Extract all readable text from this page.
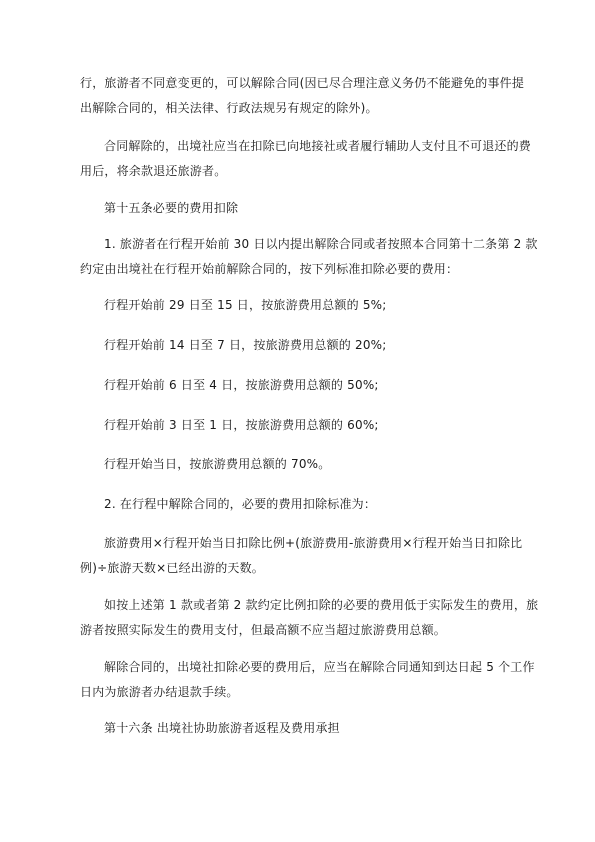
行，旅游者不同意变更的，可以解除合同(因已尽合理注意义务仍不能避免的事件提
出解除合同的，相关法律、行政法规另有规定的除外)。

合同解除的，出境社应当在扣除已向地接社或者履行辅助人支付且不可退还的费
用后，将余款退还旅游者。

第十五条必要的费用扣除

1. 旅游者在行程开始前 30 日以内提出解除合同或者按照本合同第十二条第 2 款
约定由出境社在行程开始前解除合同的，按下列标准扣除必要的费用：

行程开始前 29 日至 15 日，按旅游费用总额的 5%;

行程开始前 14 日至 7 日，按旅游费用总额的 20%;

行程开始前 6 日至 4 日，按旅游费用总额的 50%;

行程开始前 3 日至 1 日，按旅游费用总额的 60%;

行程开始当日，按旅游费用总额的 70%。

2. 在行程中解除合同的，必要的费用扣除标准为：

旅游费用×行程开始当日扣除比例+(旅游费用-旅游费用×行程开始当日扣除比
例)÷旅游天数×已经出游的天数。

如按上述第 1 款或者第 2 款约定比例扣除的必要的费用低于实际发生的费用，旅
游者按照实际发生的费用支付，但最高额不应当超过旅游费用总额。

解除合同的，出境社扣除必要的费用后，应当在解除合同通知到达日起 5 个工作
日内为旅游者办结退款手续。

第十六条 出境社协助旅游者返程及费用承担
